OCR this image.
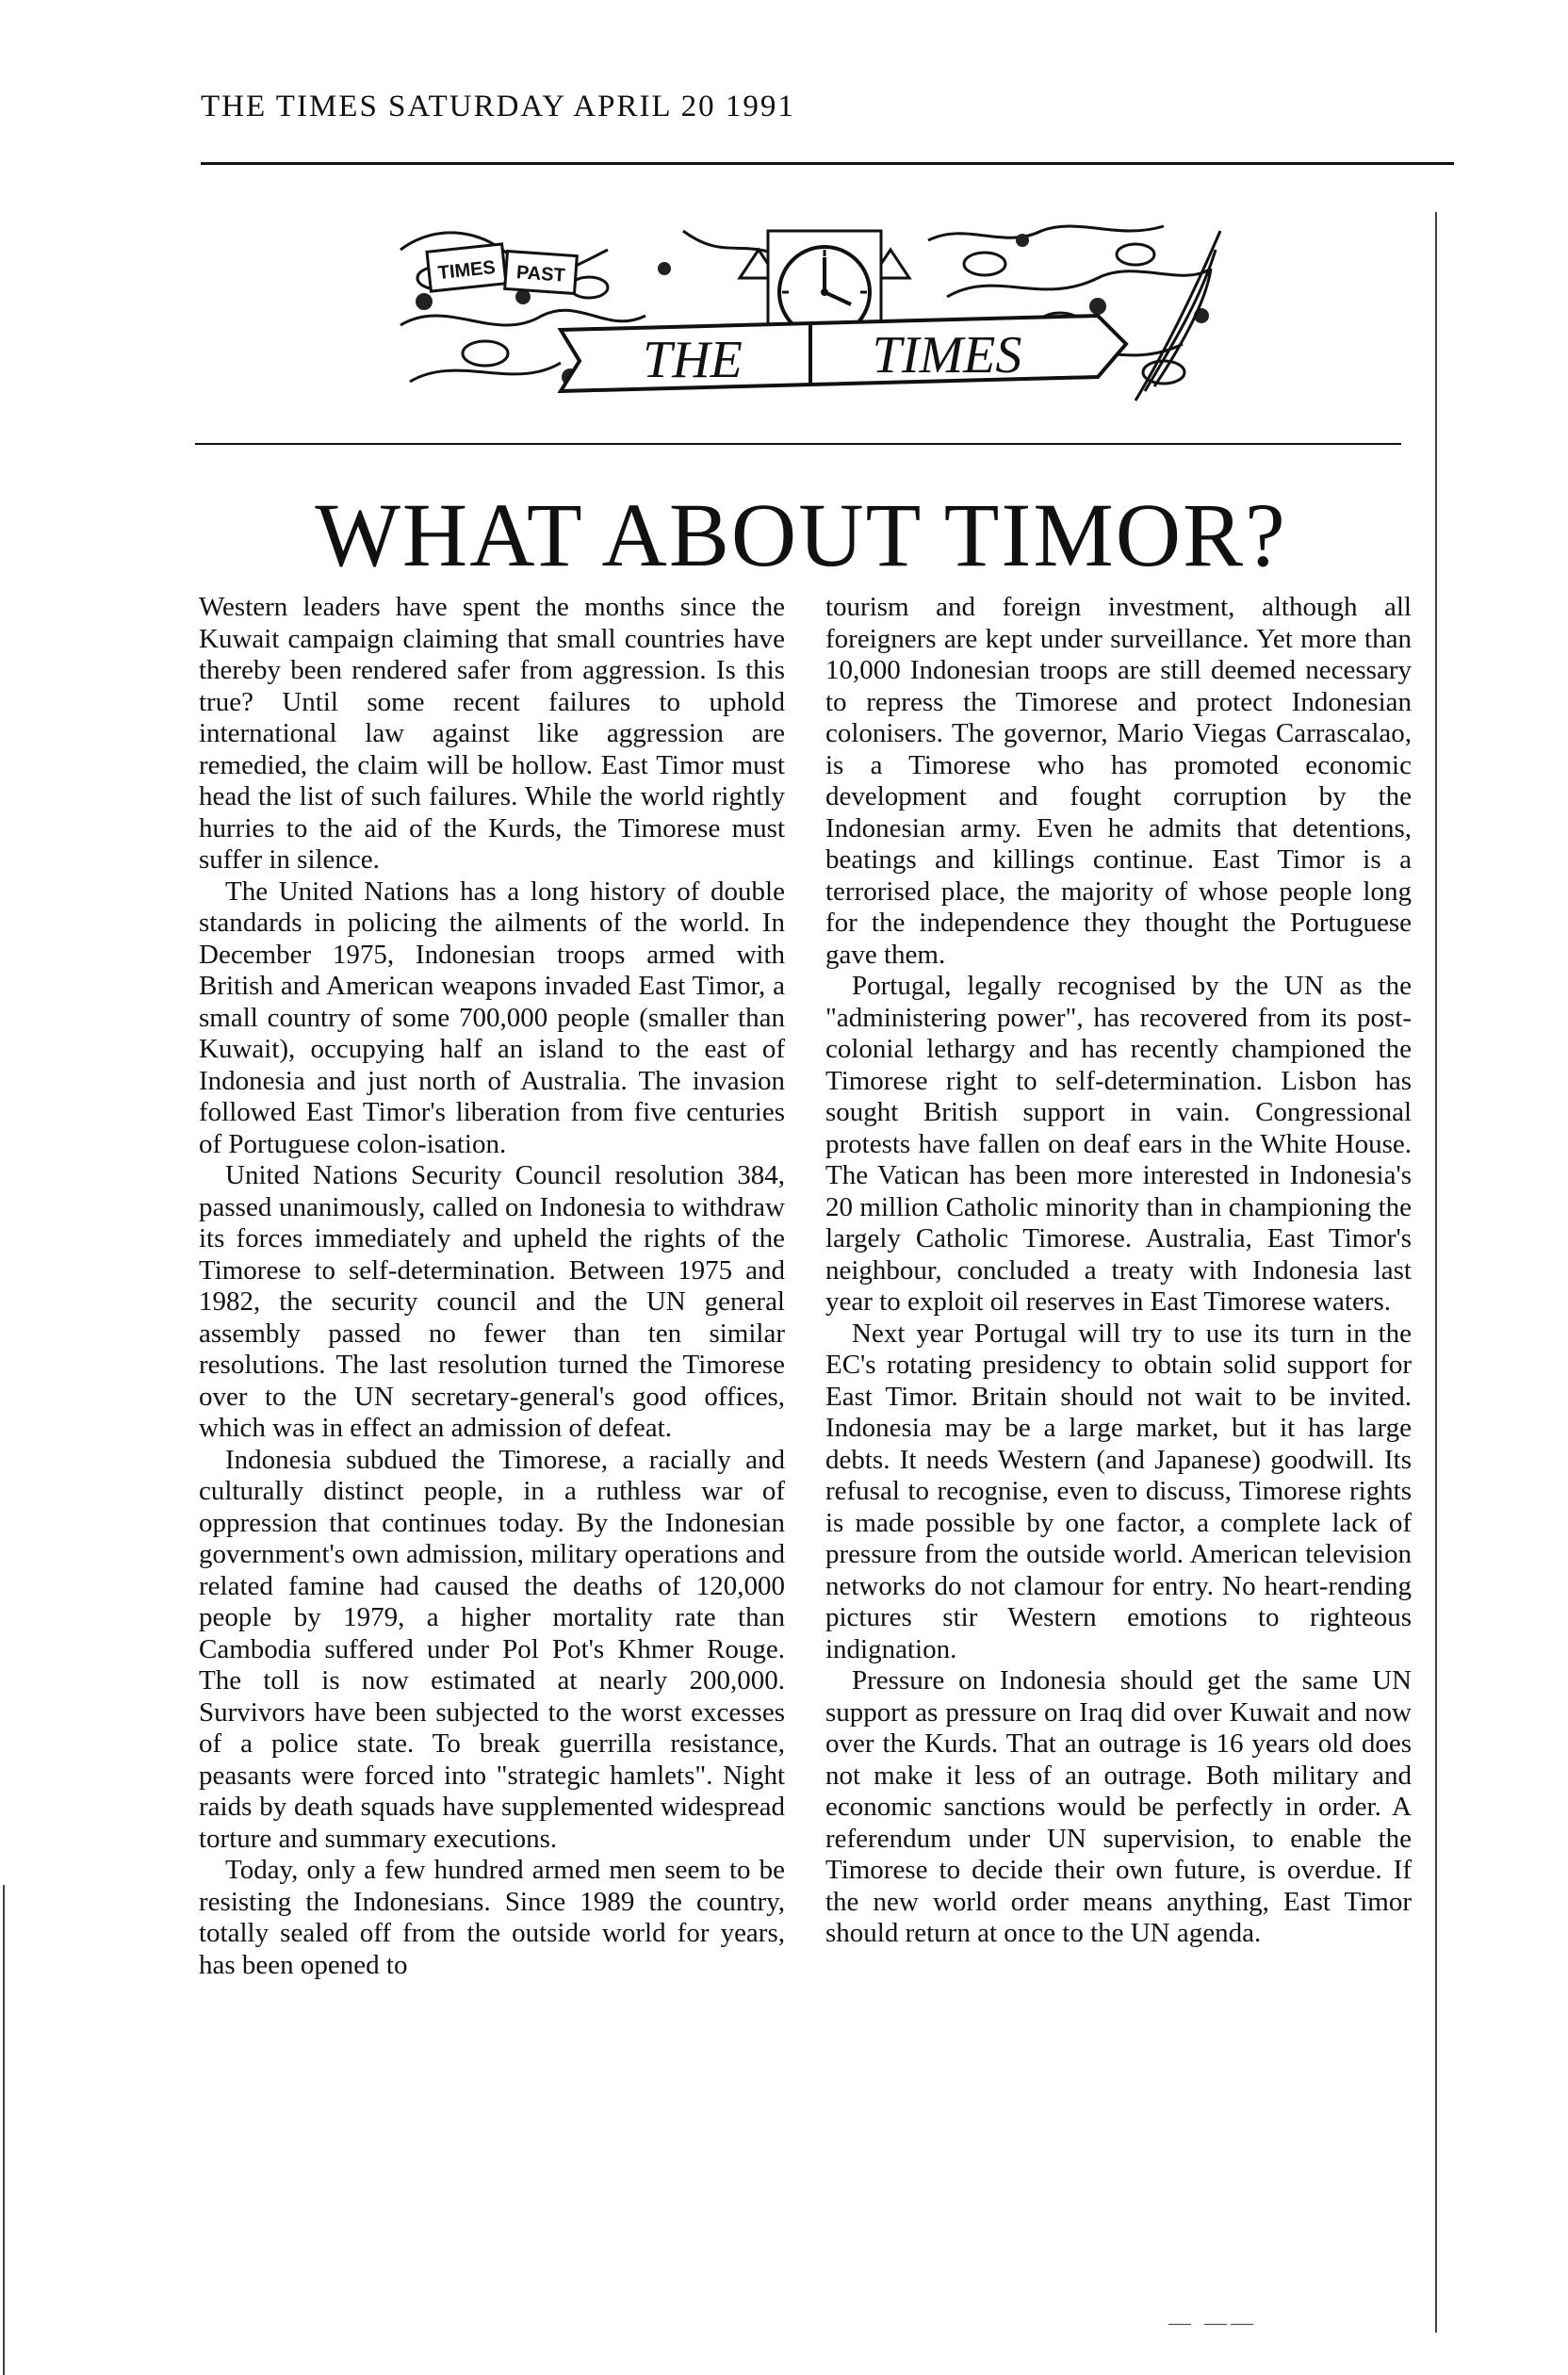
THE TIMES SATURDAY APRIL 20 1991
TIMES PAST
THE TIMES
WHAT ABOUT TIMOR?

Western leaders have spent the months since the Kuwait campaign claiming that small countries have thereby been rendered safer from aggression. Is this true? Until some recent failures to uphold international law against like aggression are remedied, the claim will be hollow. East Timor must head the list of such failures. While the world rightly hurries to the aid of the Kurds, the Timorese must suffer in silence.

The United Nations has a long history of double standards in policing the ailments of the world. In December 1975, Indonesian troops armed with British and American weapons invaded East Timor, a small country of some 700,000 people (smaller than Kuwait), occupying half an island to the east of Indonesia and just north of Australia. The invasion followed East Timor's liberation from five centuries of Portuguese colon-isation.

United Nations Security Council resolution 384, passed unanimously, called on Indonesia to withdraw its forces immediately and upheld the rights of the Timorese to self-determination. Between 1975 and 1982, the security council and the UN general assembly passed no fewer than ten similar resolutions. The last resolution turned the Timorese over to the UN secretary-general's good offices, which was in effect an admission of defeat.

Indonesia subdued the Timorese, a racially and culturally distinct people, in a ruthless war of oppression that continues today. By the Indonesian government's own admission, military operations and related famine had caused the deaths of 120,000 people by 1979, a higher mortality rate than Cambodia suffered under Pol Pot's Khmer Rouge. The toll is now estimated at nearly 200,000. Survivors have been subjected to the worst excesses of a police state. To break guerrilla resistance, peasants were forced into "strategic hamlets". Night raids by death squads have supplemented widespread torture and summary executions.

Today, only a few hundred armed men seem to be resisting the Indonesians. Since 1989 the country, totally sealed off from the outside world for years, has been opened to

tourism and foreign investment, although all foreigners are kept under surveillance. Yet more than 10,000 Indonesian troops are still deemed necessary to repress the Timorese and protect Indonesian colonisers. The governor, Mario Viegas Carrascalao, is a Timorese who has promoted economic development and fought corruption by the Indonesian army. Even he admits that detentions, beatings and killings continue. East Timor is a terrorised place, the majority of whose people long for the independence they thought the Portuguese gave them.

Portugal, legally recognised by the UN as the "administering power", has recovered from its post-colonial lethargy and has recently championed the Timorese right to self-determination. Lisbon has sought British support in vain. Congressional protests have fallen on deaf ears in the White House. The Vatican has been more interested in Indonesia's 20 million Catholic minority than in championing the largely Catholic Timorese. Australia, East Timor's neighbour, concluded a treaty with Indonesia last year to exploit oil reserves in East Timorese waters.

Next year Portugal will try to use its turn in the EC's rotating presidency to obtain solid support for East Timor. Britain should not wait to be invited. Indonesia may be a large market, but it has large debts. It needs Western (and Japanese) goodwill. Its refusal to recognise, even to discuss, Timorese rights is made possible by one factor, a complete lack of pressure from the outside world. American television networks do not clamour for entry. No heart-rending pictures stir Western emotions to righteous indignation.

Pressure on Indonesia should get the same UN support as pressure on Iraq did over Kuwait and now over the Kurds. That an outrage is 16 years old does not make it less of an outrage. Both military and economic sanctions would be perfectly in order. A referendum under UN supervision, to enable the Timorese to decide their own future, is overdue. If the new world order means anything, East Timor should return at once to the UN agenda.

— ——
